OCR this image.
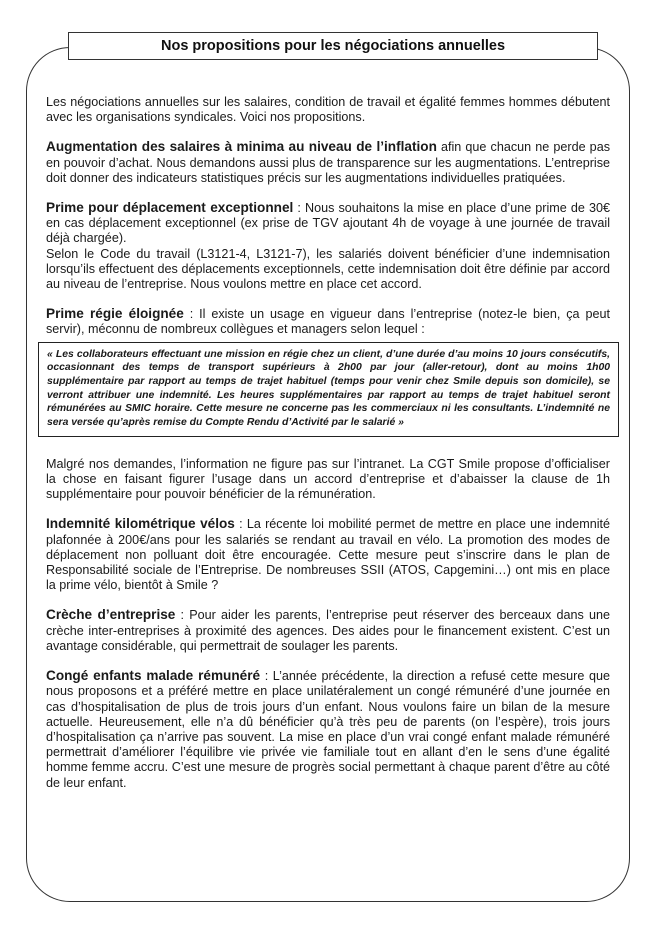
Nos propositions pour les négociations annuelles

Les négociations annuelles sur les salaires, condition de travail et égalité femmes hommes débutent avec les organisations syndicales. Voici nos propositions.

Augmentation des salaires à minima au niveau de l’inflation afin que chacun ne perde pas en pouvoir d’achat. Nous demandons aussi plus de transparence sur les augmentations. L’entreprise doit donner des indicateurs statistiques précis sur les augmentations individuelles pratiquées.

Prime pour déplacement exceptionnel : Nous souhaitons la mise en place d’une prime de 30€ en cas déplacement exceptionnel (ex prise de TGV ajoutant 4h de voyage à une journée de travail déjà chargée).
Selon le Code du travail (L3121-4, L3121-7), les salariés doivent bénéficier d’une indemnisation lorsqu’ils effectuent des déplacements exceptionnels, cette indemnisation doit être définie par accord au niveau de l’entreprise. Nous voulons mettre en place cet accord.

Prime régie éloignée : Il existe un usage en vigueur dans l’entreprise (notez-le bien, ça peut servir), méconnu de nombreux collègues et managers selon lequel :

« Les collaborateurs effectuant une mission en régie chez un client, d’une durée d’au moins 10 jours consécutifs, occasionnant des temps de transport supérieurs à 2h00 par jour (aller-retour), dont au moins 1h00 supplémentaire par rapport au temps de trajet habituel (temps pour venir chez Smile depuis son domicile), se verront attribuer une indemnité. Les heures supplémentaires par rapport au temps de trajet habituel seront rémunérées au SMIC horaire. Cette mesure ne concerne pas les commerciaux ni les consultants. L’indemnité ne sera versée qu’après remise du Compte Rendu d’Activité par le salarié »

Malgré nos demandes, l’information ne figure pas sur l’intranet. La CGT Smile propose d’officialiser la chose en faisant figurer l’usage dans un accord d’entreprise et d’abaisser la clause de 1h supplémentaire pour pouvoir bénéficier de la rémunération.

Indemnité kilométrique vélos : La récente loi mobilité permet de mettre en place une indemnité plafonnée à 200€/ans pour les salariés se rendant au travail en vélo. La promotion des modes de déplacement non polluant doit être encouragée. Cette mesure peut s’inscrire dans le plan de Responsabilité sociale de l’Entreprise. De nombreuses SSII (ATOS, Capgemini…) ont mis en place la prime vélo, bientôt à Smile ?

Crèche d’entreprise : Pour aider les parents, l’entreprise peut réserver des berceaux dans une crèche inter-entreprises à proximité des agences. Des aides pour le financement existent. C’est un avantage considérable, qui permettrait de soulager les parents.

Congé enfants malade rémunéré : L’année précédente, la direction a refusé cette mesure que nous proposons et a préféré mettre en place unilatéralement un congé rémunéré d’une journée en cas d’hospitalisation de plus de trois jours d’un enfant. Nous voulons faire un bilan de la mesure actuelle. Heureusement, elle n’a dû bénéficier qu’à très peu de parents (on l’espère), trois jours d’hospitalisation ça n’arrive pas souvent. La mise en place d’un vrai congé enfant malade rémunéré permettrait d’améliorer l’équilibre vie privée vie familiale tout en allant d’en le sens d’une égalité homme femme accru. C’est une mesure de progrès social permettant à chaque parent d’être au côté de leur enfant.
